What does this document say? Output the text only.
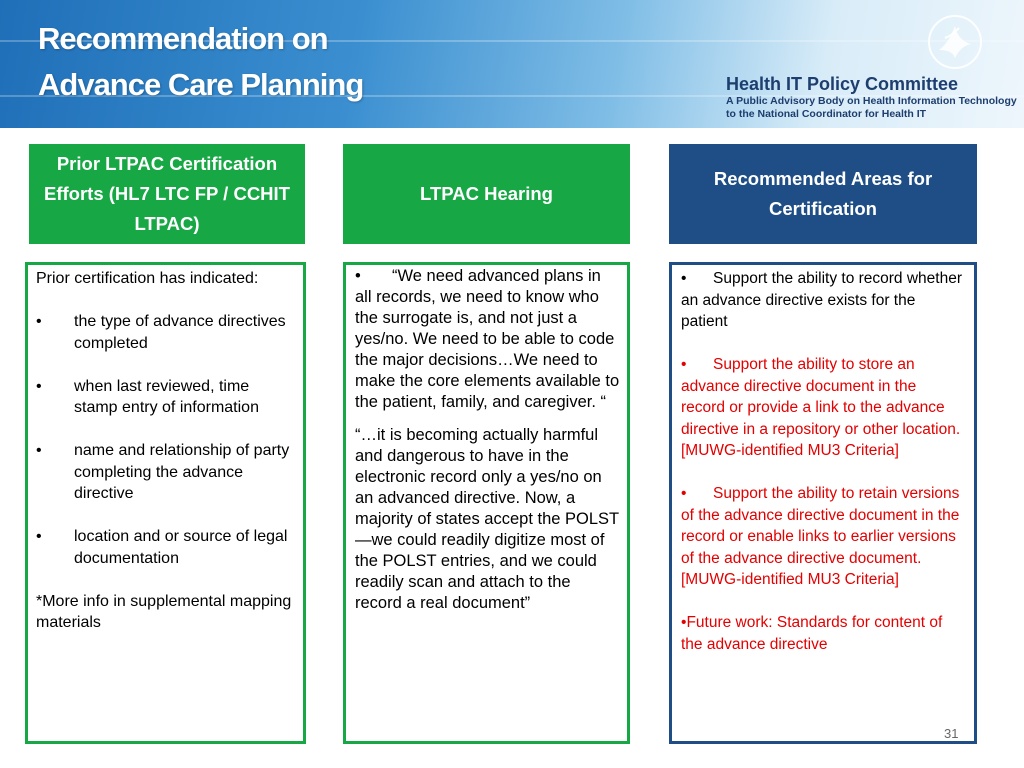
Recommendation on
Advance Care Planning	Health IT Policy Committee
A Public Advisory Body on Health Information Technology
to the National Coordinator for Health IT
Prior LTPAC Certification Efforts (HL7 LTC FP / CCHIT LTPAC)
LTPAC Hearing
Recommended Areas for Certification

Prior certification has indicated:

• the type of advance directives completed
• when last reviewed, time stamp entry of information
• name and relationship of party completing the advance directive
• location and or source of legal documentation

*More info in supplemental mapping materials

• “We need advanced plans in all records, we need to know who the surrogate is, and not just a yes/no. We need to be able to code the major decisions…We need to make the core elements available to the patient, family, and caregiver. “

“…it is becoming actually harmful and dangerous to have in the electronic record only a yes/no on an advanced directive. Now, a majority of states accept the POLST—we could readily digitize most of the POLST entries, and we could readily scan and attach to the record a real document”

• Support the ability to record whether an advance directive exists for the patient

• Support the ability to store an advance directive document in the record or provide a link to the advance directive in a repository or other location. [MUWG-identified MU3 Criteria]

• Support the ability to retain versions of the advance directive document in the record or enable links to earlier versions of the advance directive document. [MUWG-identified MU3 Criteria]

•Future work: Standards for content of the advance directive

31
